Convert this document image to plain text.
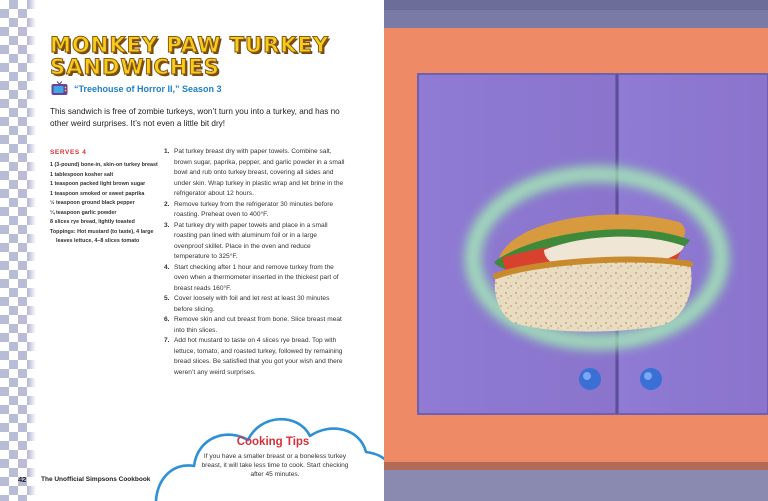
MONKEY PAW TURKEY
SANDWICHES
“Treehouse of Horror II,” Season 3

This sandwich is free of zombie turkeys, won’t turn you into a turkey, and has no other weird surprises. It’s not even a little bit dry!

SERVES 4
1 (3-pound) bone-in, skin-on turkey breast
1 tablespoon kosher salt
1 teaspoon packed light brown sugar
1 teaspoon smoked or sweet paprika
½ teaspoon ground black pepper
¼ teaspoon garlic powder
8 slices rye bread, lightly toasted
Toppings: Hot mustard (to taste), 4 large leaves lettuce, 4–8 slices tomato
1. Pat turkey breast dry with paper towels. Combine salt, brown sugar, paprika, pepper, and garlic powder in a small bowl and rub onto turkey breast, covering all sides and under skin. Wrap turkey in plastic wrap and let brine in the refrigerator about 12 hours.
2. Remove turkey from the refrigerator 30 minutes before roasting. Preheat oven to 400°F.
3. Pat turkey dry with paper towels and place in a small roasting pan lined with aluminum foil or in a large ovenproof skillet. Place in the oven and reduce temperature to 325°F.
4. Start checking after 1 hour and remove turkey from the oven when a thermometer inserted in the thickest part of breast reads 160°F.
5. Cover loosely with foil and let rest at least 30 minutes before slicing.
6. Remove skin and cut breast from bone. Slice breast meat into thin slices.
7. Add hot mustard to taste on 4 slices rye bread. Top with lettuce, tomato, and roasted turkey, followed by remaining bread slices. Be satisfied that you got your wish and there weren’t any weird surprises.
Cooking Tips
If you have a smaller breast or a boneless turkey breast, it will take less time to cook. Start checking after 45 minutes.
42 The Unofficial Simpsons Cookbook
